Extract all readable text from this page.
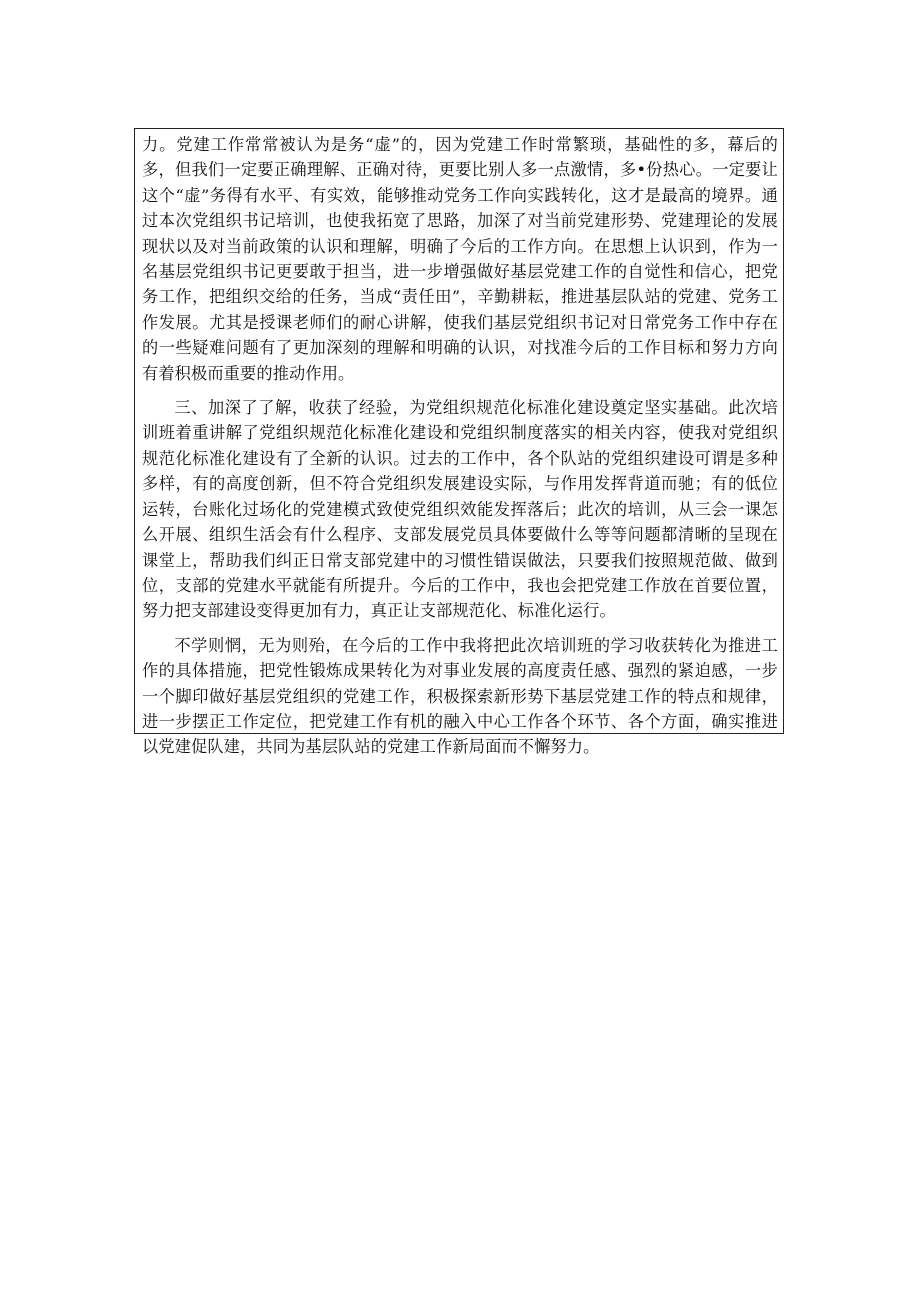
力。党建工作常常被认为是务“虚”的，因为党建工作时常繁琐，基础性的多，幕后的多，但我们一定要正确理解、正确对待，更要比别人多一点激情，多•份热心。一定要让这个“虚”务得有水平、有实效，能够推动党务工作向实践转化，这才是最高的境界。通过本次党组织书记培训，也使我拓宽了思路，加深了对当前党建形势、党建理论的发展现状以及对当前政策的认识和理解，明确了今后的工作方向。在思想上认识到，作为一名基层党组织书记更要敢于担当，进一步增强做好基层党建工作的自觉性和信心，把党务工作，把组织交给的任务，当成“责任田”，辛勤耕耘，推进基层队站的党建、党务工作发展。尤其是授课老师们的耐心讲解，使我们基层党组织书记对日常党务工作中存在的一些疑难问题有了更加深刻的理解和明确的认识，对找准今后的工作目标和努力方向有着积极而重要的推动作用。

三、加深了了解，收获了经验，为党组织规范化标准化建设奠定坚实基础。此次培训班着重讲解了党组织规范化标准化建设和党组织制度落实的相关内容，使我对党组织规范化标准化建设有了全新的认识。过去的工作中，各个队站的党组织建设可谓是多种多样，有的高度创新，但不符合党组织发展建设实际，与作用发挥背道而驰；有的低位运转，台账化过场化的党建模式致使党组织效能发挥落后；此次的培训，从三会一课怎么开展、组织生活会有什么程序、支部发展党员具体要做什么等等问题都清晰的呈现在课堂上，帮助我们纠正日常支部党建中的习惯性错误做法，只要我们按照规范做、做到位，支部的党建水平就能有所提升。今后的工作中，我也会把党建工作放在首要位置，努力把支部建设变得更加有力，真正让支部规范化、标准化运行。

不学则惘，无为则殆，在今后的工作中我将把此次培训班的学习收获转化为推进工作的具体措施，把党性锻炼成果转化为对事业发展的高度责任感、强烈的紧迫感，一步一个脚印做好基层党组织的党建工作，积极探索新形势下基层党建工作的特点和规律，进一步摆正工作定位，把党建工作有机的融入中心工作各个环节、各个方面，确实推进以党建促队建，共同为基层队站的党建工作新局面而不懈努力。
